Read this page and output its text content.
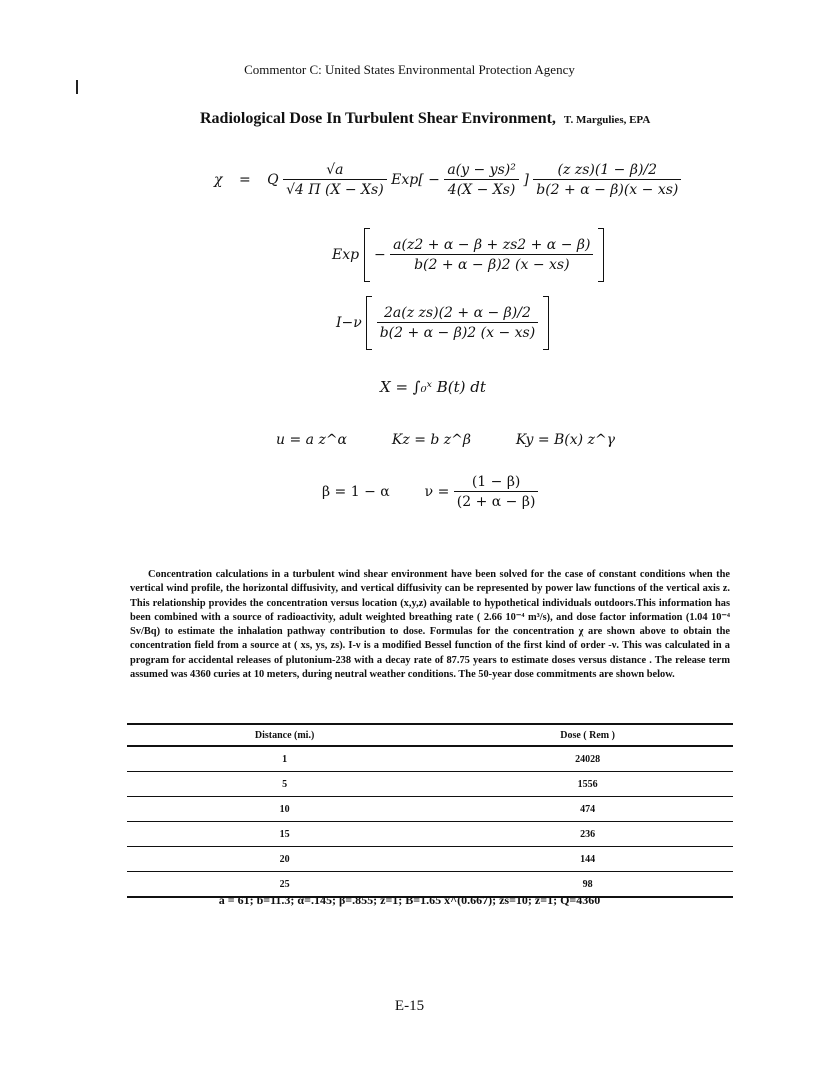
Commentor C: United States Environmental Protection Agency
Radiological Dose In Turbulent Shear Environment, T. Margulies, EPA
χ = Q $\frac{√a}{√4 \Pi (X - Xs)} Exp[ - \frac{\text{a(y − ys)²}}{4(X - Xs)}$ ] $\frac{\text{(z zs)(1 − β)/2}}{b(2 + \alpha - \beta)(x - xs)}$
Exp − $\frac{a(z2 + \alpha - \beta + zs2 + \alpha - \beta)}{b(2 + \alpha - \beta)2 (x - xs)}$

$I-\nu \frac{\text{2a(z zs)(2 + α − β)/2}}{b(2 + \alpha - \beta)2 (x - xs)}$

X = ∫₀ˣ B(t) dt
u = a z^α	Kz = b z^β	Ky = B(x) z^γ
β = 1 − α $\nu = \frac{(1 - \beta)}{(2 + \alpha - \beta)}$

Concentration calculations in a turbulent wind shear environment have been solved for the case of constant conditions when the vertical wind profile, the horizontal diffusivity, and vertical diffusivity can be represented by power law functions of the vertical axis z. This relationship provides the concentration versus location (x,y,z) available to hypothetical individuals outdoors.This information has been combined with a source of radioactivity, adult weighted breathing rate ( 2.66 10⁻⁴ m³/s), and dose factor information (1.04 10⁻⁴ Sv/Bq) to estimate the inhalation pathway contribution to dose. Formulas for the concentration χ are shown above to obtain the concentration field from a source at ( xs, ys, zs). I-ν is a modified Bessel function of the first kind of order -ν. This was calculated in a program for accidental releases of plutonium-238 with a decay rate of 87.75 years to estimate doses versus distance . The release term assumed was 4360 curies at 10 meters, during neutral weather conditions. The 50-year dose commitments are shown below.

Distance (mi.)	Dose ( Rem )
1	24028
5	1556
10	474
15	236
20	144
25	98
a = 61; b=11.3; α=.145; β=.855; z=1; B=1.65 x^(0.667); zs=10; z=1; Q=4360
E-15
